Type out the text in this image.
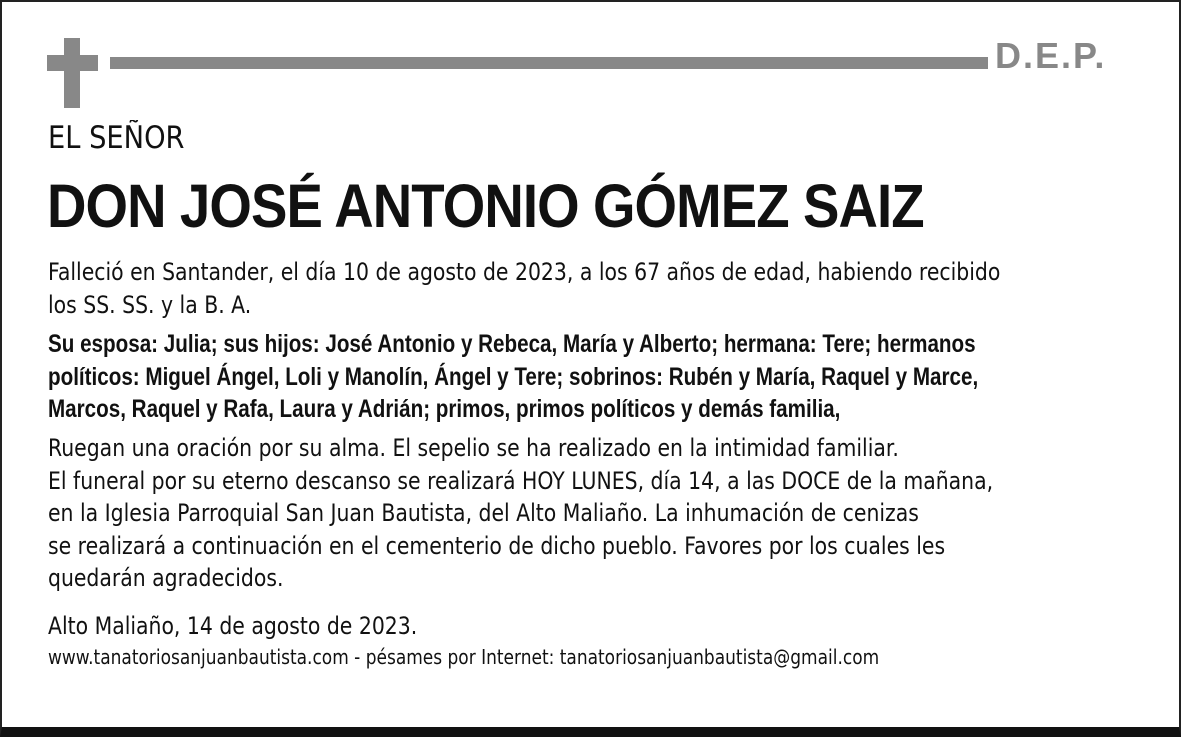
D.E.P.
EL SEÑOR
DON JOSÉ ANTONIO GÓMEZ SAIZ
Falleció en Santander, el día 10 de agosto de 2023, a los 67 años de edad, habiendo recibido
los SS. SS. y la B. A.
Su esposa: Julia; sus hijos: José Antonio y Rebeca, María y Alberto; hermana: Tere; hermanos
políticos: Miguel Ángel, Loli y Manolín, Ángel y Tere; sobrinos: Rubén y María, Raquel y Marce,
Marcos, Raquel y Rafa, Laura y Adrián; primos, primos políticos y demás familia,
Ruegan una oración por su alma. El sepelio se ha realizado en la intimidad familiar.
El funeral por su eterno descanso se realizará HOY LUNES, día 14, a las DOCE de la mañana,
en la Iglesia Parroquial San Juan Bautista, del Alto Maliaño. La inhumación de cenizas
se realizará a continuación en el cementerio de dicho pueblo. Favores por los cuales les
quedarán agradecidos.
Alto Maliaño, 14 de agosto de 2023.
www.tanatoriosanjuanbautista.com - pésames por Internet: tanatoriosanjuanbautista@gmail.com
